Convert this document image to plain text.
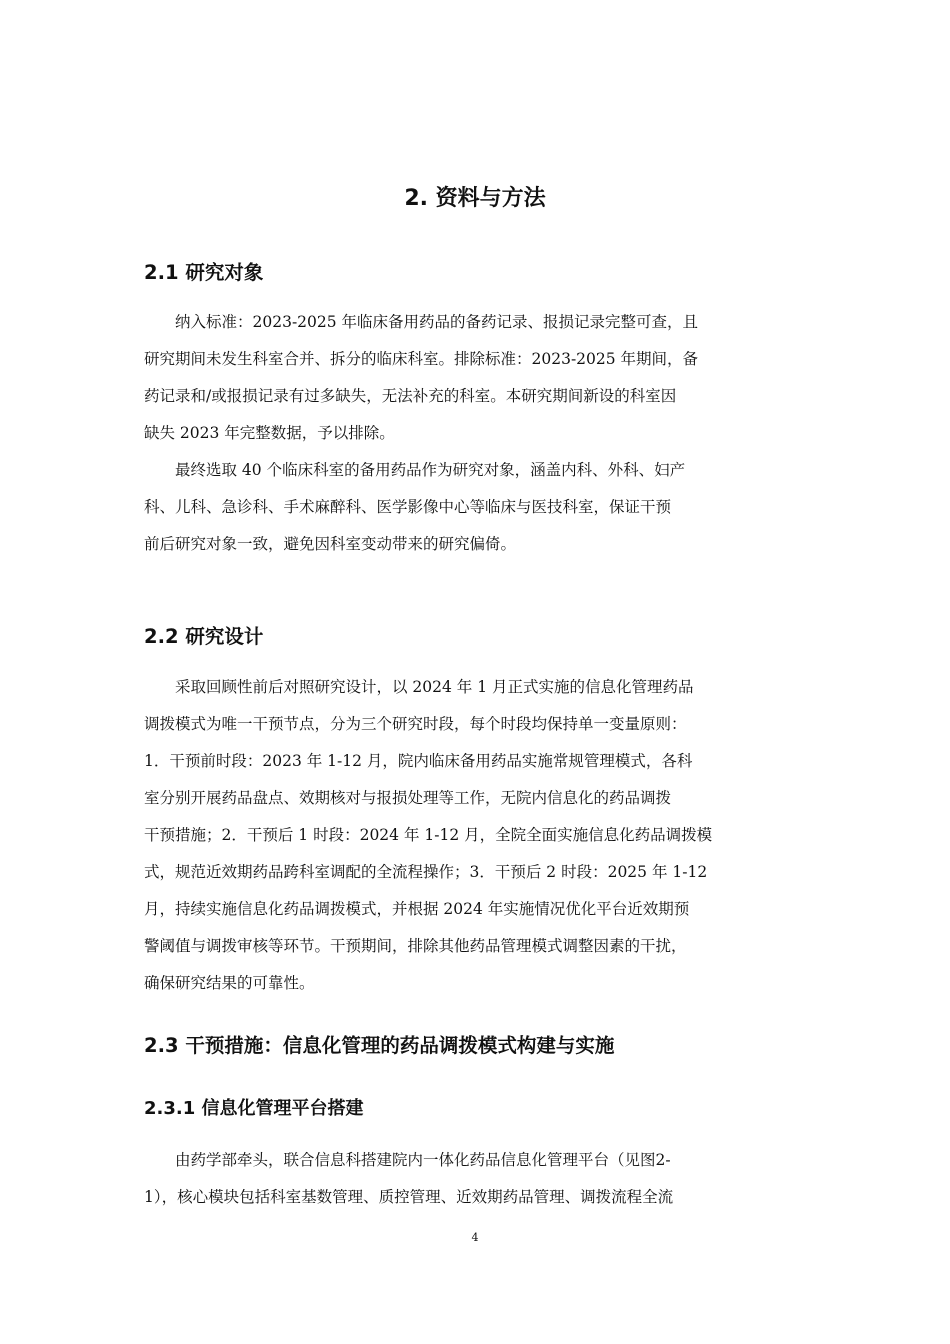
2. 资料与方法
2.1 研究对象

纳入标准：2023-2025 年临床备用药品的备药记录、报损记录完整可查，且
研究期间未发生科室合并、拆分的临床科室。排除标准：2023-2025 年期间，备
药记录和/或报损记录有过多缺失，无法补充的科室。本研究期间新设的科室因
缺失 2023 年完整数据，予以排除。

最终选取 40 个临床科室的备用药品作为研究对象，涵盖内科、外科、妇产
科、儿科、急诊科、手术麻醉科、医学影像中心等临床与医技科室，保证干预
前后研究对象一致，避免因科室变动带来的研究偏倚。

2.2 研究设计

采取回顾性前后对照研究设计，以 2024 年 1 月正式实施的信息化管理药品
调拨模式为唯一干预节点，分为三个研究时段，每个时段均保持单一变量原则：
1．干预前时段：2023 年 1-12 月，院内临床备用药品实施常规管理模式，各科
室分别开展药品盘点、效期核对与报损处理等工作，无院内信息化的药品调拨
干预措施；2．干预后 1 时段：2024 年 1-12 月，全院全面实施信息化药品调拨模
式，规范近效期药品跨科室调配的全流程操作；3．干预后 2 时段：2025 年 1-12
月，持续实施信息化药品调拨模式，并根据 2024 年实施情况优化平台近效期预
警阈值与调拨审核等环节。干预期间，排除其他药品管理模式调整因素的干扰，
确保研究结果的可靠性。

2.3 干预措施：信息化管理的药品调拨模式构建与实施
2.3.1 信息化管理平台搭建

由药学部牵头，联合信息科搭建院内一体化药品信息化管理平台（见图2-
1），核心模块包括科室基数管理、质控管理、近效期药品管理、调拨流程全流

4
